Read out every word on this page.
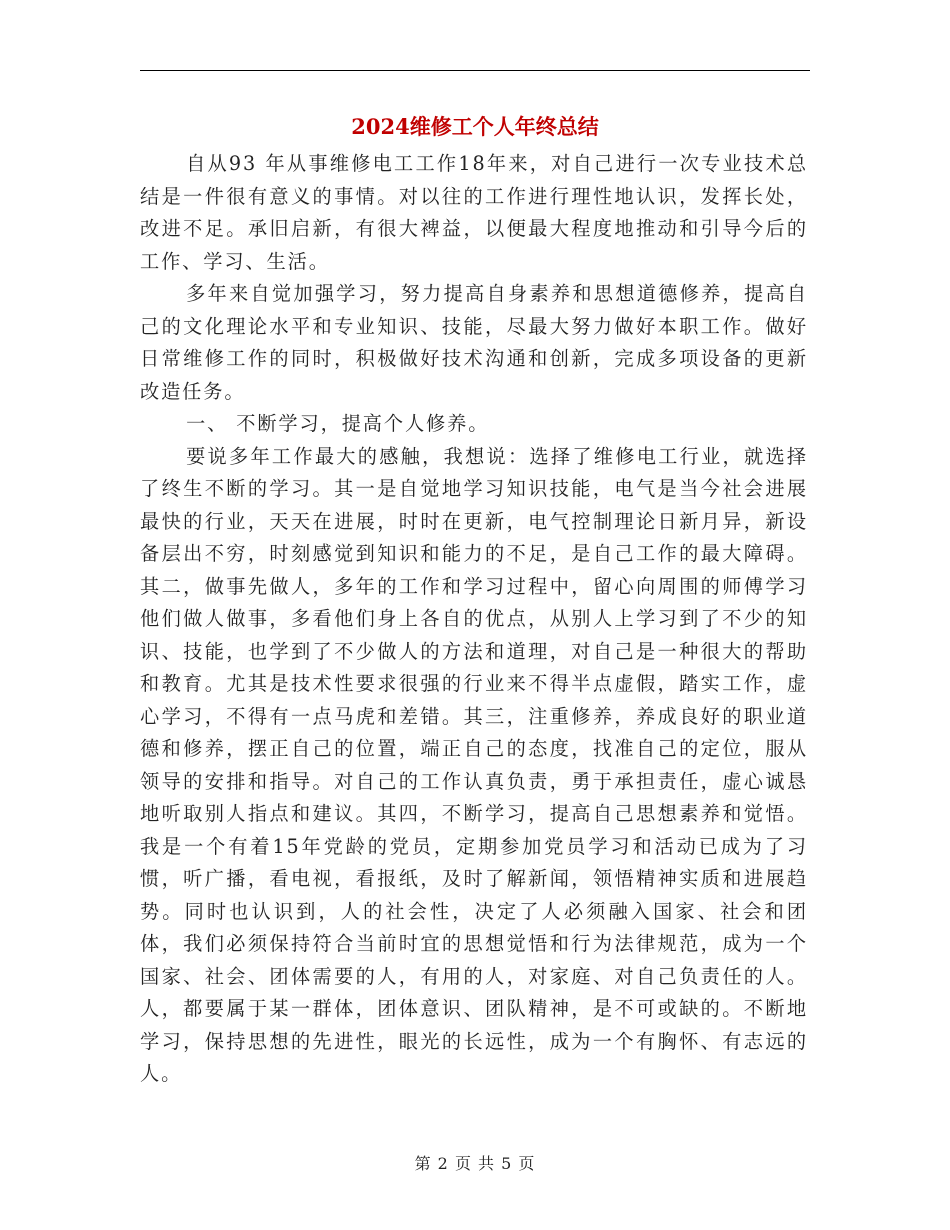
2024维修工个人年终总结

自从93 年从事维修电工工作18年来，对自己进行一次专业技术总结是一件很有意义的事情。对以往的工作进行理性地认识，发挥长处，改进不足。承旧启新，有很大裨益，以便最大程度地推动和引导今后的工作、学习、生活。

多年来自觉加强学习，努力提高自身素养和思想道德修养，提高自己的文化理论水平和专业知识、技能，尽最大努力做好本职工作。做好日常维修工作的同时，积极做好技术沟通和创新，完成多项设备的更新改造任务。

一、 不断学习，提高个人修养。

要说多年工作最大的感触，我想说：选择了维修电工行业，就选择了终生不断的学习。其一是自觉地学习知识技能，电气是当今社会进展最快的行业，天天在进展，时时在更新，电气控制理论日新月异，新设备层出不穷，时刻感觉到知识和能力的不足，是自己工作的最大障碍。其二，做事先做人，多年的工作和学习过程中，留心向周围的师傅学习他们做人做事，多看他们身上各自的优点，从别人上学习到了不少的知识、技能，也学到了不少做人的方法和道理，对自己是一种很大的帮助和教育。尤其是技术性要求很强的行业来不得半点虚假，踏实工作，虚心学习，不得有一点马虎和差错。其三，注重修养，养成良好的职业道德和修养，摆正自己的位置，端正自己的态度，找准自己的定位，服从领导的安排和指导。对自己的工作认真负责，勇于承担责任，虚心诚恳地听取别人指点和建议。其四，不断学习，提高自己思想素养和觉悟。我是一个有着15年党龄的党员，定期参加党员学习和活动已成为了习惯，听广播，看电视，看报纸，及时了解新闻，领悟精神实质和进展趋势。同时也认识到，人的社会性，决定了人必须融入国家、社会和团体，我们必须保持符合当前时宜的思想觉悟和行为法律规范，成为一个国家、社会、团体需要的人，有用的人，对家庭、对自己负责任的人。人，都要属于某一群体，团体意识、团队精神，是不可或缺的。不断地学习，保持思想的先进性，眼光的长远性，成为一个有胸怀、有志远的人。

第 2 页 共 5 页
